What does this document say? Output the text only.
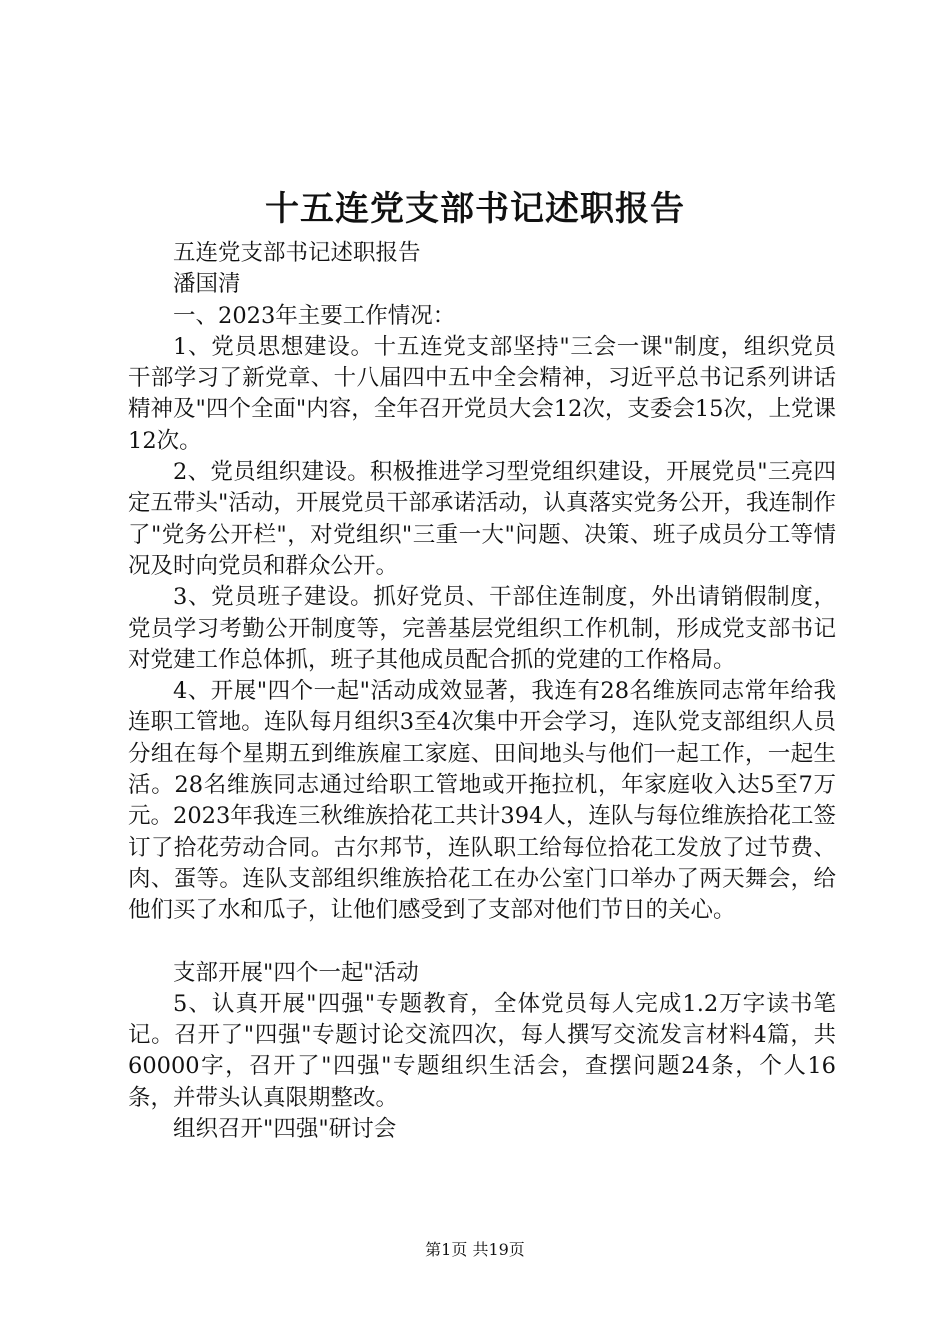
十五连党支部书记述职报告

五连党支部书记述职报告

潘国清

一、2023年主要工作情况：

1、党员思想建设。十五连党支部坚持"三会一课"制度，组织党员干部学习了新党章、十八届四中五中全会精神，习近平总书记系列讲话精神及"四个全面"内容，全年召开党员大会12次，支委会15次，上党课12次。

2、党员组织建设。积极推进学习型党组织建设，开展党员"三亮四定五带头"活动，开展党员干部承诺活动，认真落实党务公开，我连制作了"党务公开栏"，对党组织"三重一大"问题、决策、班子成员分工等情况及时向党员和群众公开。

3、党员班子建设。抓好党员、干部住连制度，外出请销假制度，党员学习考勤公开制度等，完善基层党组织工作机制，形成党支部书记对党建工作总体抓，班子其他成员配合抓的党建的工作格局。

4、开展"四个一起"活动成效显著，我连有28名维族同志常年给我连职工管地。连队每月组织3至4次集中开会学习，连队党支部组织人员分组在每个星期五到维族雇工家庭、田间地头与他们一起工作，一起生活。28名维族同志通过给职工管地或开拖拉机，年家庭收入达5至7万元。2023年我连三秋维族拾花工共计394人，连队与每位维族拾花工签订了拾花劳动合同。古尔邦节，连队职工给每位拾花工发放了过节费、肉、蛋等。连队支部组织维族拾花工在办公室门口举办了两天舞会，给他们买了水和瓜子，让他们感受到了支部对他们节日的关心。

支部开展"四个一起"活动

5、认真开展"四强"专题教育，全体党员每人完成1.2万字读书笔记。召开了"四强"专题讨论交流四次，每人撰写交流发言材料4篇，共60000字，召开了"四强"专题组织生活会，查摆问题24条，个人16条，并带头认真限期整改。

组织召开"四强"研讨会

第1页 共19页
